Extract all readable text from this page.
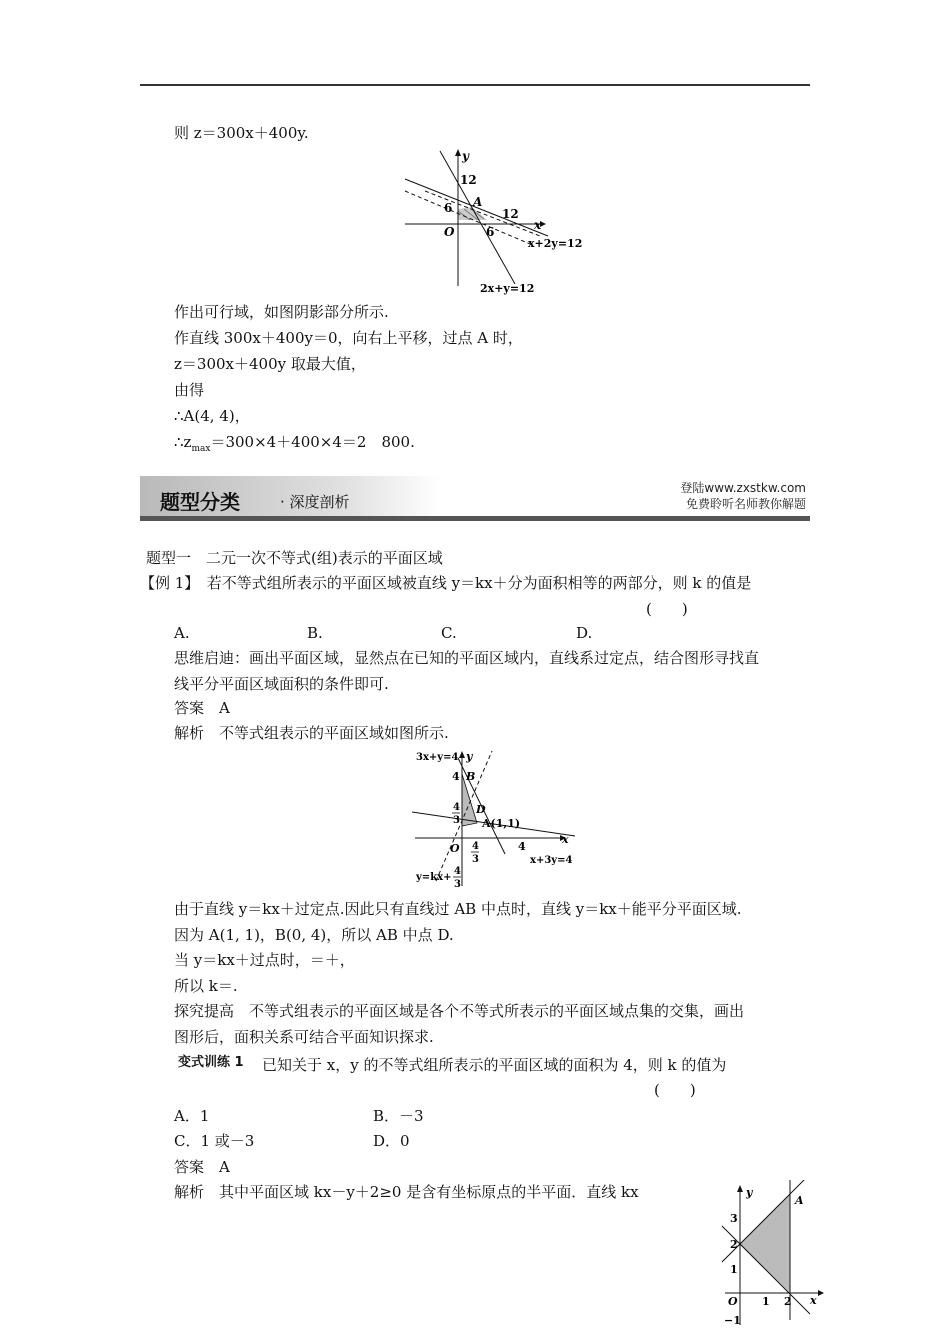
则 z＝300x＋400y.
y
12
6 A
12
x
O	6
x+2y=12
2x+y=12
作出可行域，如图阴影部分所示.
作直线 300x＋400y＝0，向右上平移，过点 A 时，
z＝300x＋400y 取最大值，
由得
∴A(4, 4)，
$\therefore z_{max}=300\times 4+400\times 4=2$　800.
题型分类	· 深度剖析
登陆www.zxstkw.com
免费聆听名师教你解题
题型一　二元一次不等式(组)表示的平面区域
【例 1】　若不等式组所表示的平面区域被直线 y＝kx＋分为面积相等的两部分，则 k 的值是
(　　)
A.	B.	C.	D.
思维启迪：画出平面区域，显然点在已知的平面区域内，直线系过定点，结合图形寻找直
线平分平面区域面积的条件即可.
答案　A
解析　不等式组表示的平面区域如图所示.
3x+y=4 y
4 B
4
3
D
A(1,1)
x
O 4
3
4
x+3y=4
y=kx+
4
3
由于直线 y＝kx＋过定点.因此只有直线过 AB 中点时，直线 y＝kx＋能平分平面区域.
因为 A(1, 1)，B(0, 4)，所以 AB 中点 D.
当 y＝kx＋过点时，＝＋，
所以 k＝.
探究提高　不等式组表示的平面区域是各个不等式所表示的平面区域点集的交集，画出
图形后，面积关系可结合平面知识探求.
变式训练 1 已知关于 x，y 的不等式组所表示的平面区域的面积为 4，则 k 的值为
(　　)
A．1	B．－3
C．1 或－3	D．0
答案　A
解析　其中平面区域 kx－y＋2≥0 是含有坐标原点的半平面．直线 kx	y
A
3
2
1
O 1 2 x
−1
